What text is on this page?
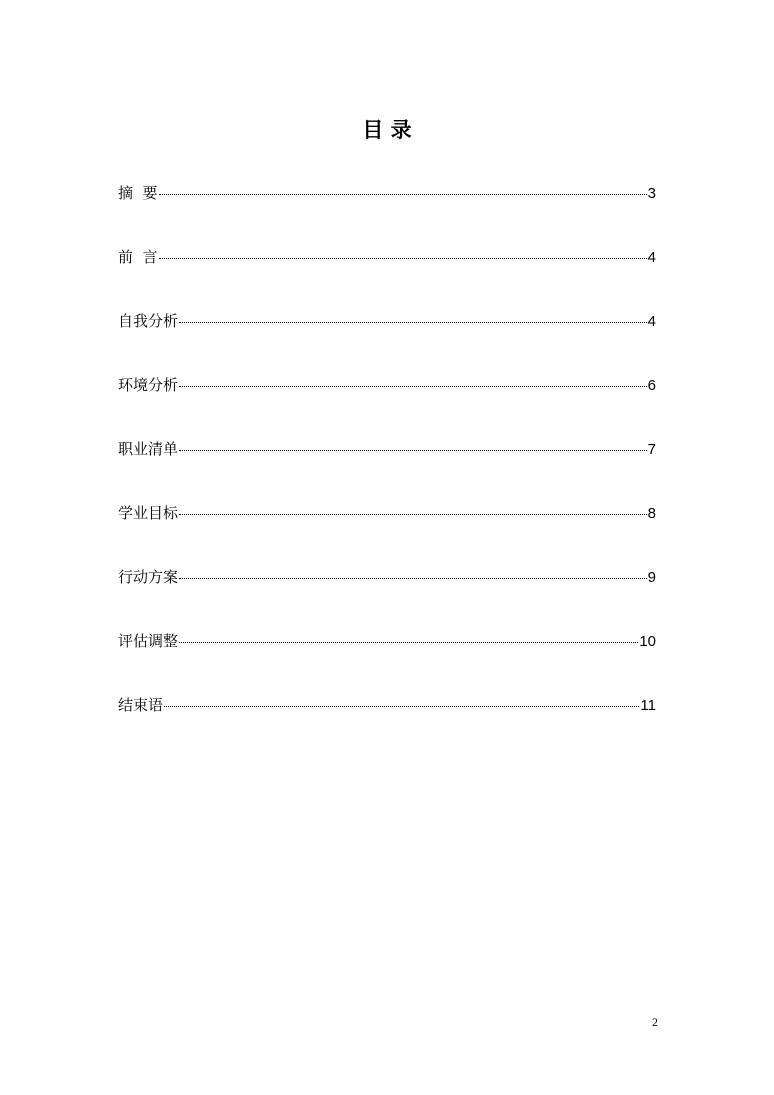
目 录
摘  要	3
前  言	4
自我分析	4
环境分析	6
职业清单	7
学业目标	8
行动方案	9
评估调整	10
结束语	11
2
